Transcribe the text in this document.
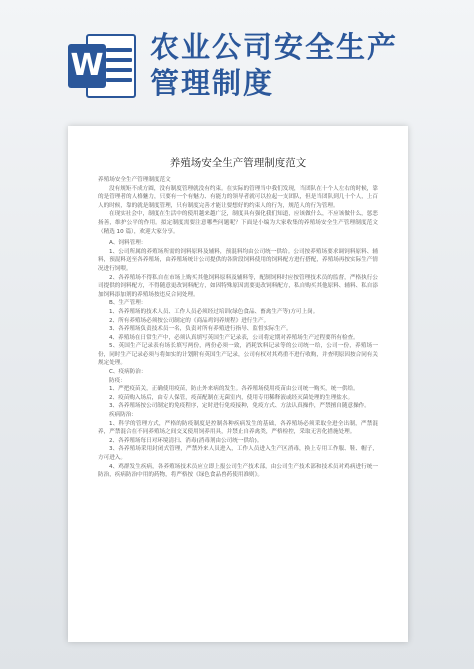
W
农业公司安全生产
管理制度
养殖场安全生产管理制度范文

养殖场安全生产管理制度范文

没有规矩不成方圆，没有制度管理就没有约束。在实际的管理当中我们发现，当团队在十个人左右的时候，靠的是管理者的人格魅力，只要有一个有魅力、有能力的领导者就可以拉起一支团队，但是当团队到几十个人，上百人的时候，靠的就是制度管理，只有制度完善才能让要想好的约束人的行为，规范人的行为管理。

在现实社会中，制度在生活中的使用越来越广泛，制度具有强化我们知道，应该做什么，不应该做什么，惩恶扬善，维护公平的作用。拟定制度需要注意哪些问题呢？下面是小编为大家收集的养殖场安全生产管理制度范文（精选 10 篇），欢迎大家分享。

A、饲料管理：

1、公司所属的养殖场所需的饲料原料及辅料，预混料均由公司统一供给。公司按养殖场要求调饲料原料、辅料，预混料送至各养殖场，由养殖场统计公司提供的各阶段饲料使用的饲料配方进行搭配，养殖场再按实际生产情况进行饲喂。

2、各养殖场不得私自在市场上购买其他饲料原料及辅料等，配制饲料时应按管理技术员的监督，严格执行公司提供的饲料配方，不得随意更改饲料配方，如因特殊原因需要更改饲料配方，私自购买其他原料、辅料、私自添加饲料添加剂的养殖场按违反合同处理。

B、生产管理：

1、各养殖场的技术人员、工作人员必须经过培训(绿色食品、畜禽生产等)方可上岗。

2、所有养殖场必须按公司制定的《商品鸡饲养规程》进行生产。

3、各养殖场负责技术员一名，负责对所有养殖进行指导、监督实际生产。

4、养殖场在日常生产中，必须认真填写英国生产记录表，公司将定期对养殖场生产过程要所有检查。

5、英国生产记录表有场长填写两份，两份必须一致，消耗饮料记录等的公司统一给，公司一份，养殖场一份，同时生产记录必须与将如实的计划附有英国生产记录，公司有权对其鸡重不进行收购，并查明原因按合同有关规定处理。

C、疫病防治：

防疫：

1、严把疫苗关，正确使用疫苗，防止外来病的发生。各养殖场使用疫苗由公司统一购买，统一供给。

2、疫苗购入场后，由专人保管，疫苗配制在无菌室内，使用专用稀释液或经灭菌处理的生理盐水。

3、各养殖场按公司制定的免疫程序，定时进行免疫接种，免疫方式、方法认真操作，严禁擅自随意操作。

疾病防治：

1、科学的管理方式，严格的防疫制度是控制各种疾病发生的基础，各养殖场必须采取全进全出制，严禁混养，严禁混合在不同养殖场之间交叉使用饲养用具，并禁止自养禽类，严格检控，采取无害化措施处理。

2、各养殖场每日对环境清扫、消毒(消毒剂由公司统一供给)。

3、各养殖场采用封闭式管理，严禁外来人员进入，工作人员进入生产区消毒，换上专用工作服、鞋、帽子，方可进入。

4、鸡群发生疾病，各养殖场技术员应立即上报公司生产技术部，由公司生产技术部和技术员对鸡病进行统一防治，疾病防治中用的药物，将严格按《绿色食品兽药使用准则》。
